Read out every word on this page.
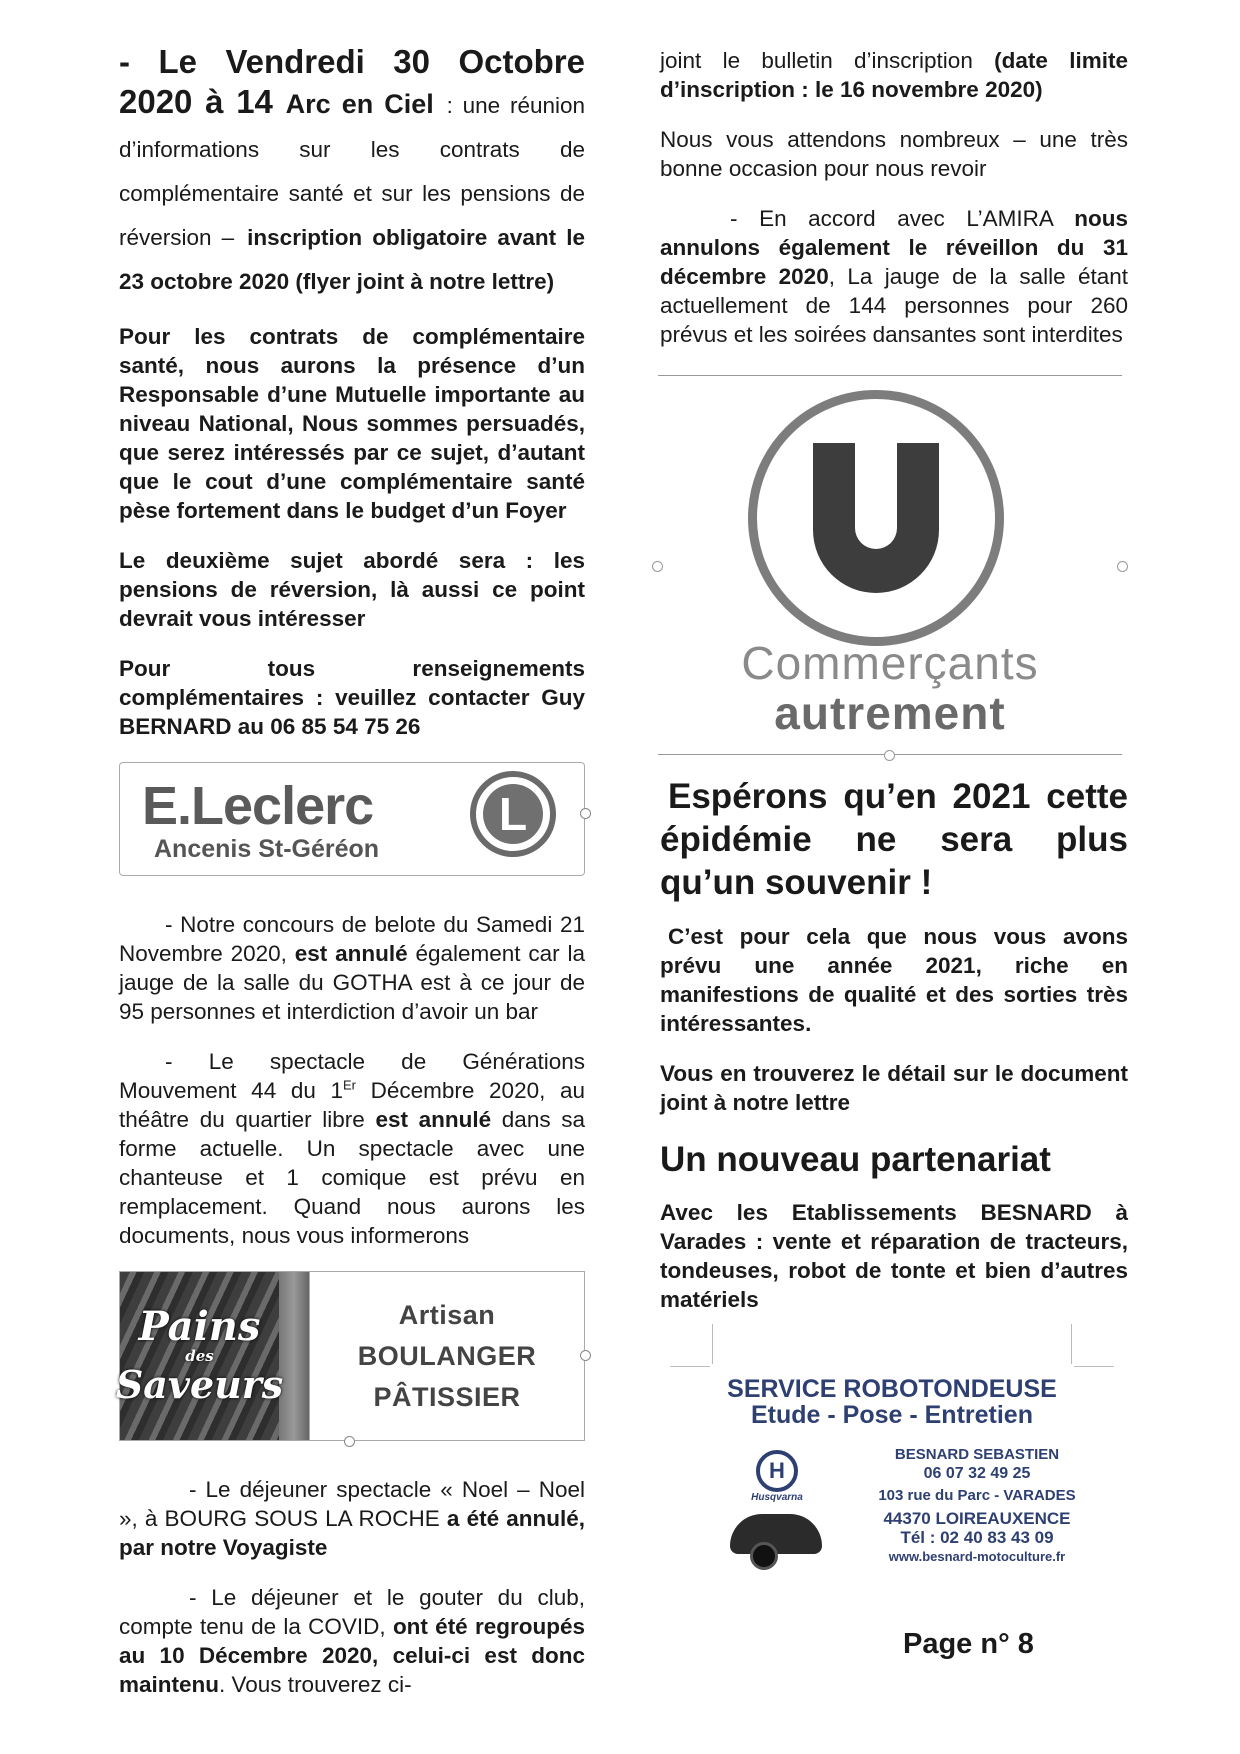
- Le Vendredi 30 Octobre 2020 à 14 Arc en Ciel : une réunion d’informations sur les contrats de complémentaire santé et sur les pensions de réversion – inscription obligatoire avant le 23 octobre 2020 (flyer joint à notre lettre)

Pour les contrats de complémentaire santé, nous aurons la présence d’un Responsable d’une Mutuelle importante au niveau National, Nous sommes persuadés, que serez intéressés par ce sujet, d’autant que le cout d’une complémentaire santé pèse fortement dans le budget d’un Foyer

Le deuxième sujet abordé sera : les pensions de réversion, là aussi ce point devrait vous intéresser

Pour tous renseignements complémentaires : veuillez contacter Guy BERNARD au 06 85 54 75 26

E.Leclerc
Ancenis St-Géréon
L

- Notre concours de belote du Samedi 21 Novembre 2020, est annulé également car la jauge de la salle du GOTHA est à ce jour de 95 personnes et interdiction d’avoir un bar

- Le spectacle de Générations Mouvement 44 du 1Er Décembre 2020, au théâtre du quartier libre est annulé dans sa forme actuelle. Un spectacle avec une chanteuse et 1 comique est prévu en remplacement. Quand nous aurons les documents, nous vous informerons

Pains
des
Saveurs
Artisan
BOULANGER
PÂTISSIER

- Le déjeuner spectacle « Noel – Noel », à BOURG SOUS LA ROCHE a été annulé, par notre Voyagiste

- Le déjeuner et le gouter du club, compte tenu de la COVID, ont été regroupés au 10 Décembre 2020, celui-ci est donc maintenu. Vous trouverez ci-

joint le bulletin d’inscription (date limite d’inscription : le 16 novembre 2020)

Nous vous attendons nombreux – une très bonne occasion pour nous revoir

- En accord avec L’AMIRA nous annulons également le réveillon du 31 décembre 2020, La jauge de la salle étant actuellement de 144 personnes pour 260 prévus et les soirées dansantes sont interdites

Commerçants
autrement

Espérons qu’en 2021 cette épidémie ne sera plus qu’un souvenir !

C’est pour cela que nous vous avons prévu une année 2021, riche en manifestions de qualité et des sorties très intéressantes.

Vous en trouverez le détail sur le document joint à notre lettre

Un nouveau partenariat

Avec les Etablissements BESNARD à Varades : vente et réparation de tracteurs, tondeuses, robot de tonte et bien d’autres matériels

SERVICE ROBOTONDEUSE
Etude - Pose - Entretien
H
Husqvarna
BESNARD SEBASTIEN
06 07 32 49 25
103 rue du Parc - VARADES
44370 LOIREAUXENCE
Tél : 02 40 83 43 09
www.besnard-motoculture.fr
Page n° 8
